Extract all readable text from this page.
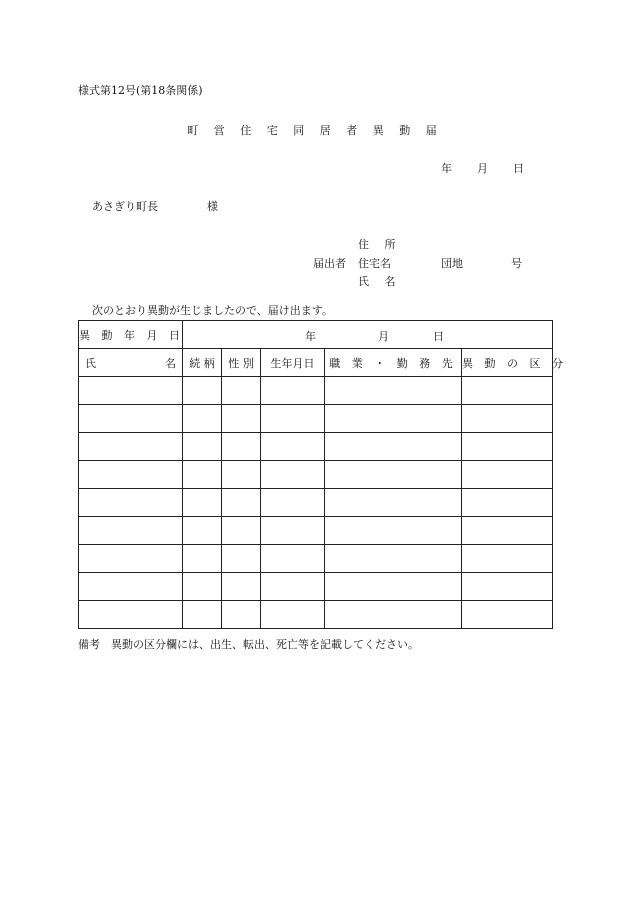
様式第12号(第18条関係)
町 営 住 宅 同 居 者 異 動 届
年 月 日
あさぎり町長	様
住 所
届出者 住宅名	団地	号
氏 名
次のとおり異動が生じましたので、届け出ます。
異 動 年 月 日	年 月 日				

氏 名	続 柄	性 別	生年月日	職 業 ・ 勤 務 先	異 動 の 区 分

備考　異動の区分欄には、出生、転出、死亡等を記載してください。
